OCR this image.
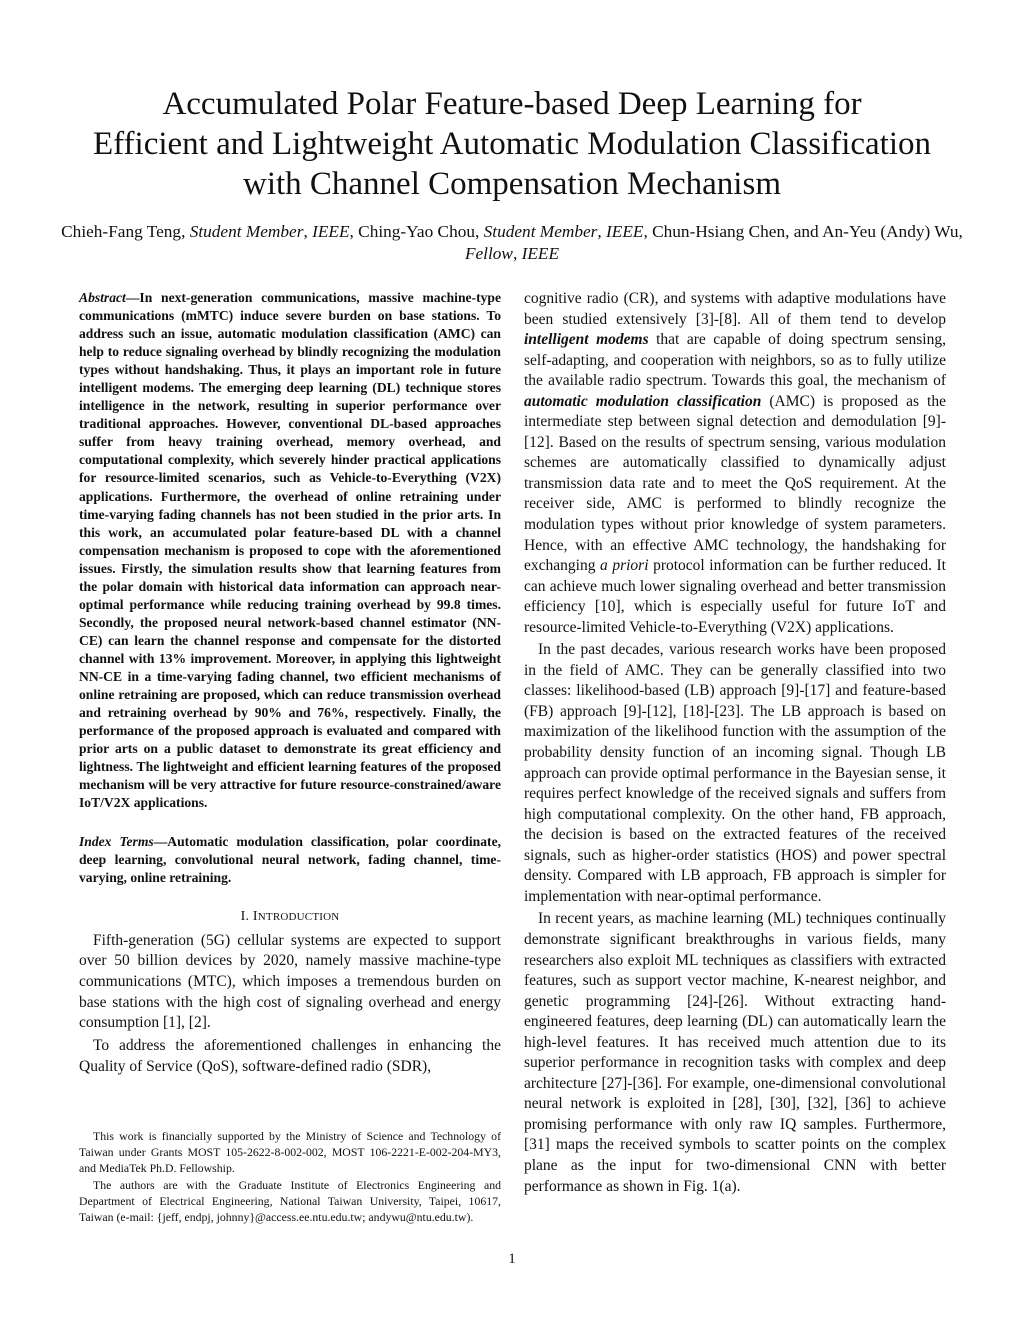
Accumulated Polar Feature-based Deep Learning for
Efficient and Lightweight Automatic Modulation Classification
with Channel Compensation Mechanism
Chieh-Fang Teng, Student Member, IEEE, Ching-Yao Chou, Student Member, IEEE, Chun-Hsiang Chen, and An-Yeu (Andy) Wu, Fellow, IEEE

Abstract—In next-generation communications, massive machine-type communications (mMTC) induce severe burden on base stations. To address such an issue, automatic modulation classification (AMC) can help to reduce signaling overhead by blindly recognizing the modulation types without handshaking. Thus, it plays an important role in future intelligent modems. The emerging deep learning (DL) technique stores intelligence in the network, resulting in superior performance over traditional approaches. However, conventional DL-based approaches suffer from heavy training overhead, memory overhead, and computational complexity, which severely hinder practical applications for resource-limited scenarios, such as Vehicle-to-Everything (V2X) applications. Furthermore, the overhead of online retraining under time-varying fading channels has not been studied in the prior arts. In this work, an accumulated polar feature-based DL with a channel compensation mechanism is proposed to cope with the aforementioned issues. Firstly, the simulation results show that learning features from the polar domain with historical data information can approach near-optimal performance while reducing training overhead by 99.8 times. Secondly, the proposed neural network-based channel estimator (NN-CE) can learn the channel response and compensate for the distorted channel with 13% improvement. Moreover, in applying this lightweight NN-CE in a time-varying fading channel, two efficient mechanisms of online retraining are proposed, which can reduce transmission overhead and retraining overhead by 90% and 76%, respectively. Finally, the performance of the proposed approach is evaluated and compared with prior arts on a public dataset to demonstrate its great efficiency and lightness. The lightweight and efficient learning features of the proposed mechanism will be very attractive for future resource-constrained/aware IoT/V2X applications.

Index Terms—Automatic modulation classification, polar coordinate, deep learning, convolutional neural network, fading channel, time-varying, online retraining.

I. INTRODUCTION

Fifth-generation (5G) cellular systems are expected to support over 50 billion devices by 2020, namely massive machine-type communications (MTC), which imposes a tremendous burden on base stations with the high cost of signaling overhead and energy consumption [1], [2].

To address the aforementioned challenges in enhancing the Quality of Service (QoS), software-defined radio (SDR),

This work is financially supported by the Ministry of Science and Technology of Taiwan under Grants MOST 105-2622-8-002-002, MOST 106-2221-E-002-204-MY3, and MediaTek Ph.D. Fellowship.

The authors are with the Graduate Institute of Electronics Engineering and Department of Electrical Engineering, National Taiwan University, Taipei, 10617, Taiwan (e-mail: {jeff, endpj, johnny}@access.ee.ntu.edu.tw; andywu@ntu.edu.tw).

cognitive radio (CR), and systems with adaptive modulations have been studied extensively [3]-[8]. All of them tend to develop intelligent modems that are capable of doing spectrum sensing, self-adapting, and cooperation with neighbors, so as to fully utilize the available radio spectrum. Towards this goal, the mechanism of automatic modulation classification (AMC) is proposed as the intermediate step between signal detection and demodulation [9]-[12]. Based on the results of spectrum sensing, various modulation schemes are automatically classified to dynamically adjust transmission data rate and to meet the QoS requirement. At the receiver side, AMC is performed to blindly recognize the modulation types without prior knowledge of system parameters. Hence, with an effective AMC technology, the handshaking for exchanging a priori protocol information can be further reduced. It can achieve much lower signaling overhead and better transmission efficiency [10], which is especially useful for future IoT and resource-limited Vehicle-to-Everything (V2X) applications.

In the past decades, various research works have been proposed in the field of AMC. They can be generally classified into two classes: likelihood-based (LB) approach [9]-[17] and feature-based (FB) approach [9]-[12], [18]-[23]. The LB approach is based on maximization of the likelihood function with the assumption of the probability density function of an incoming signal. Though LB approach can provide optimal performance in the Bayesian sense, it requires perfect knowledge of the received signals and suffers from high computational complexity. On the other hand, FB approach, the decision is based on the extracted features of the received signals, such as higher-order statistics (HOS) and power spectral density. Compared with LB approach, FB approach is simpler for implementation with near-optimal performance.

In recent years, as machine learning (ML) techniques continually demonstrate significant breakthroughs in various fields, many researchers also exploit ML techniques as classifiers with extracted features, such as support vector machine, K-nearest neighbor, and genetic programming [24]-[26]. Without extracting hand-engineered features, deep learning (DL) can automatically learn the high-level features. It has received much attention due to its superior performance in recognition tasks with complex and deep architecture [27]-[36]. For example, one-dimensional convolutional neural network is exploited in [28], [30], [32], [36] to achieve promising performance with only raw IQ samples. Furthermore, [31] maps the received symbols to scatter points on the complex plane as the input for two-dimensional CNN with better performance as shown in Fig. 1(a).

1
